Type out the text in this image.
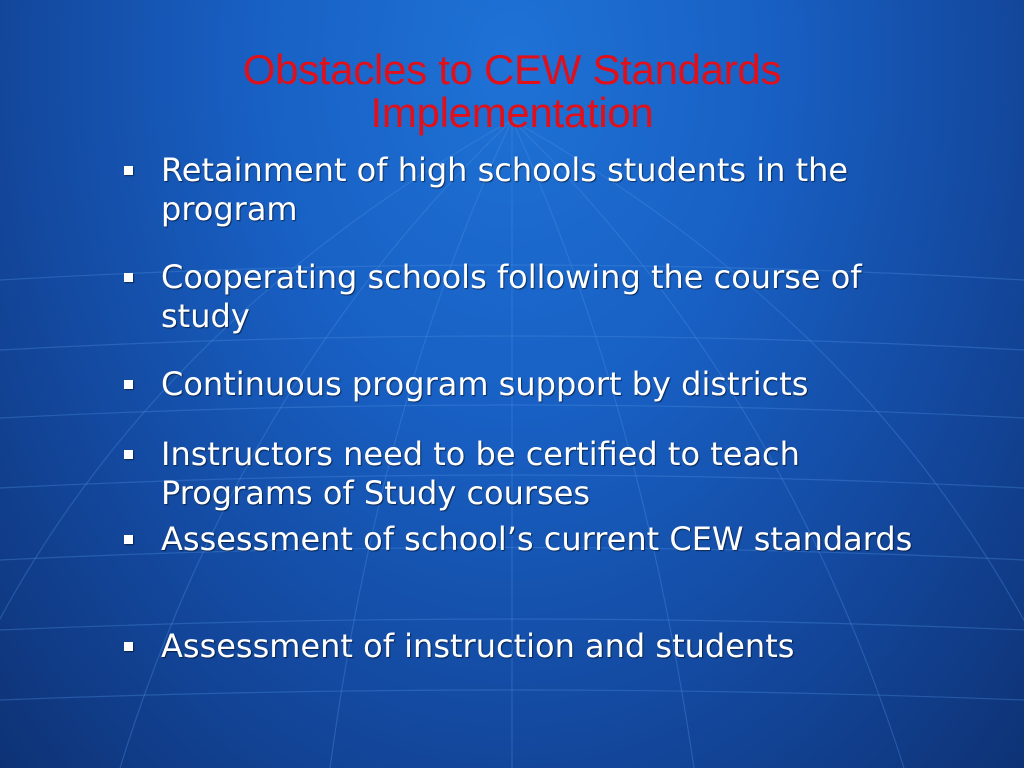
Obstacles to CEW Standards Implementation
Retainment of high schools students in the program
Cooperating schools following the course of study
Continuous program support by districts
Instructors need to be certified to teach Programs of Study courses
Assessment of school’s current CEW standards
Assessment of instruction and students
